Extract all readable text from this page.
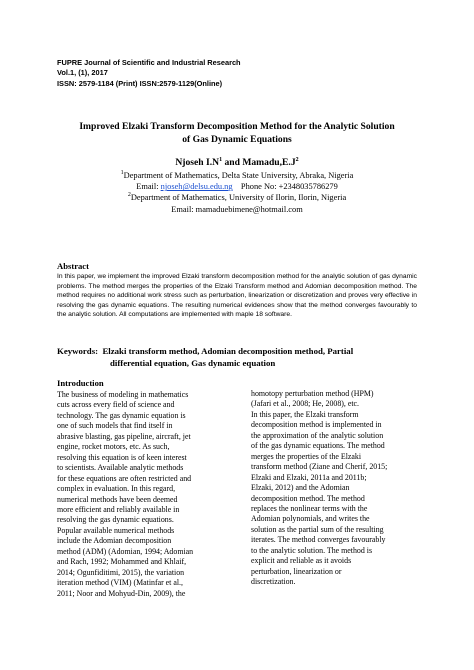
FUPRE Journal of Scientific and Industrial Research
Vol.1, (1), 2017
ISSN: 2579-1184 (Print) ISSN:2579-1129(Online)
Improved Elzaki Transform Decomposition Method for the Analytic Solution
of Gas Dynamic Equations
Njoseh $I.N^1$ and $Mamadu,E.J^2$
$^1$Department of Mathematics, Delta State University, Abraka, Nigeria
Email: njoseh@delsu.edu.ng Phone No: +2348035786279
$^2$Department of Mathematics, University of Ilorin, Ilorin, Nigeria
Email: mamaduebimene@hotmail.com
Abstract
In this paper, we implement the improved Elzaki transform decomposition method for the analytic solution of gas dynamic problems. The method merges the properties of the Elzaki Transform method and Adomian decomposition method. The method requires no additional work stress such as perturbation, linearization or discretization and proves very effective in resolving the gas dynamic equations. The resulting numerical evidences show that the method converges favourably to the analytic solution. All computations are implemented with maple 18 software.
Keywords:  Elzaki transform method, Adomian decomposition method, Partial
differential equation, Gas dynamic equation
Introduction
The business of modeling in mathematics
cuts across every field of science and
technology. The gas dynamic equation is
one of such models that find itself in
abrasive blasting, gas pipeline, aircraft, jet
engine, rocket motors, etc. As such,
resolving this equation is of keen interest
to scientists. Available analytic methods
for these equations are often restricted and
complex in evaluation. In this regard,
numerical methods have been deemed
more efficient and reliably available in
resolving the gas dynamic equations.
Popular available numerical methods
include the Adomian decomposition
method (ADM) (Adomian, 1994; Adomian
and Rach, 1992; Mohammed and Khlaif,
2014; Ogunfiditimi, 2015), the variation
iteration method (VIM) (Matinfar et al.,
2011; Noor and Mohyud-Din, 2009), the
homotopy perturbation method (HPM)
(Jafari et al., 2008; He, 2008), etc.
In this paper, the Elzaki transform
decomposition method is implemented in
the approximation of the analytic solution
of the gas dynamic equations. The method
merges the properties of the Elzaki
transform method (Ziane and Cherif, 2015;
Elzaki and Elzaki, 2011a and 2011b;
Elzaki, 2012) and the Adomian
decomposition method. The method
replaces the nonlinear terms with the
Adomian polynomials, and writes the
solution as the partial sum of the resulting
iterates. The method converges favourably
to the analytic solution. The method is
explicit and reliable as it avoids
perturbation, linearization or
discretization.
